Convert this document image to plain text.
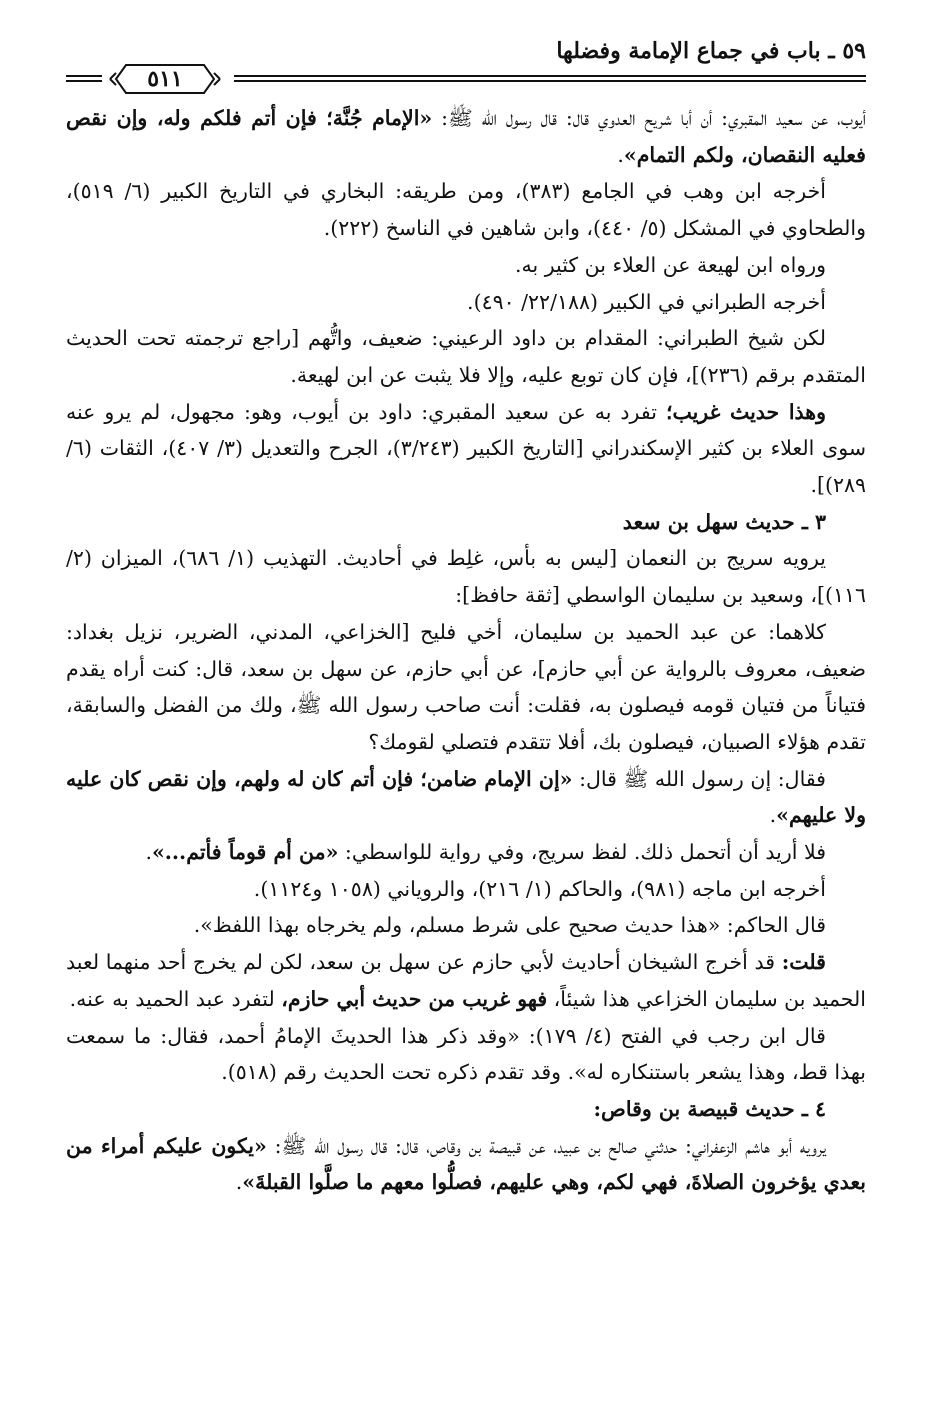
٥٩ ـ باب في جماع الإمامة وفضلها
٥١١

أيوب، عن سعيد المقبري: أن أبا شريح العدوي قال: قال رسول الله ﷺ: «الإمام جُنَّة؛ فإن أتم فلكم وله، وإن نقص فعليه النقصان، ولكم التمام».

أخرجه ابن وهب في الجامع (٣٨٣)، ومن طريقه: البخاري في التاريخ الكبير (٦/ ٥١٩)، والطحاوي في المشكل (٥/ ٤٤٠)، وابن شاهين في الناسخ (٢٢٢).

ورواه ابن لهيعة عن العلاء بن كثير به.

أخرجه الطبراني في الكبير (٢٢/١٨٨/ ٤٩٠).

لكن شيخ الطبراني: المقدام بن داود الرعيني: ضعيف، واتُّهم [راجع ترجمته تحت الحديث المتقدم برقم (٢٣٦)]، فإن كان توبع عليه، وإلا فلا يثبت عن ابن لهيعة.

وهذا حديث غريب؛ تفرد به عن سعيد المقبري: داود بن أيوب، وهو: مجهول، لم يرو عنه سوى العلاء بن كثير الإسكندراني [التاريخ الكبير (٣/٢٤٣)، الجرح والتعديل (٣/ ٤٠٧)، الثقات (٦/ ٢٨٩)].

٣ ـ حديث سهل بن سعد

يرويه سريج بن النعمان [ليس به بأس، غلِط في أحاديث. التهذيب (١/ ٦٨٦)، الميزان (٢/ ١١٦)]، وسعيد بن سليمان الواسطي [ثقة حافظ]:

كلاهما: عن عبد الحميد بن سليمان، أخي فليح [الخزاعي، المدني، الضرير، نزيل بغداد: ضعيف، معروف بالرواية عن أبي حازم]، عن أبي حازم، عن سهل بن سعد، قال: كنت أراه يقدم فتياناً من فتيان قومه فيصلون به، فقلت: أنت صاحب رسول الله ﷺ، ولك من الفضل والسابقة، تقدم هؤلاء الصبيان، فيصلون بك، أفلا تتقدم فتصلي لقومك؟

فقال: إن رسول الله ﷺ قال: «إن الإمام ضامن؛ فإن أتم كان له ولهم، وإن نقص كان عليه ولا عليهم».

فلا أريد أن أتحمل ذلك. لفظ سريج، وفي رواية للواسطي: «من أم قوماً فأتم...».

أخرجه ابن ماجه (٩٨١)، والحاكم (١/ ٢١٦)، والروياني (١٠٥٨ و١١٢٤).

قال الحاكم: «هذا حديث صحيح على شرط مسلم، ولم يخرجاه بهذا اللفظ».

قلت: قد أخرج الشيخان أحاديث لأبي حازم عن سهل بن سعد، لكن لم يخرج أحد منهما لعبد الحميد بن سليمان الخزاعي هذا شيئاً، فهو غريب من حديث أبي حازم، لتفرد عبد الحميد به عنه.

قال ابن رجب في الفتح (٤/ ١٧٩): «وقد ذكر هذا الحديثَ الإمامُ أحمد، فقال: ما سمعت بهذا قط، وهذا يشعر باستنكاره له». وقد تقدم ذكره تحت الحديث رقم (٥١٨).

٤ ـ حديث قبيصة بن وقاص:

يرويه أبو هاشم الزعفراني: حدثني صالح بن عبيد، عن قبيصة بن وقاص، قال: قال رسول الله ﷺ: «يكون عليكم أمراء من بعدي يؤخرون الصلاةَ، فهي لكم، وهي عليهم، فصلُّوا معهم ما صلَّوا القبلةَ».
